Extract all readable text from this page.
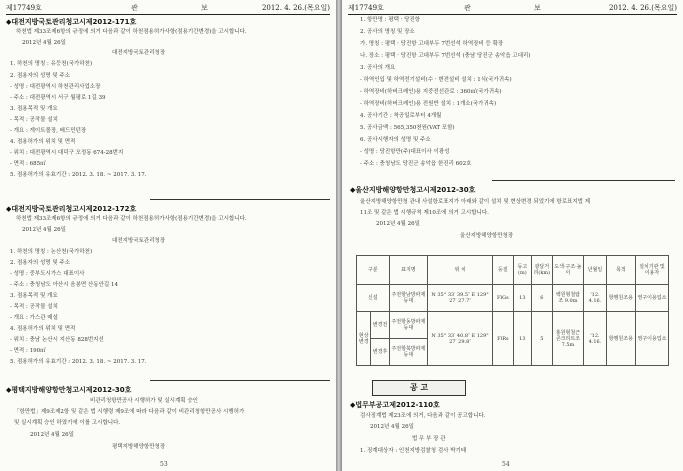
제17749호	관	보	2012. 4. 26.(목요일)
◆대전지방국토관리청고시제2012-171호
하천법 제33조제6항의 규정에 의거 다음과 같이 하천점용허가사항(점용기간변경)을 고시합니다.
2012년 4월 26일
대전지방국토관리청장
1. 하천의 명칭 : 유등천(국가하천)
2. 점용자의 성명 및 주소
- 성명 : 대전광역시 하천관리사업소장
- 주소 : 대전광역시 서구 월평로 1길 39
3. 점용목적 및 개요
- 목적 : 공작물 설치
- 개요 : 게이트볼장, 배드민턴장
4. 점용허가의 위치 및 면적
- 위치 : 대전광역시 대덕구 오정동 674-28번지
- 면적 : 685㎡
5. 점용허가의 유효기간 : 2012. 3. 18. ~ 2017. 3. 17.
◆대전지방국토관리청고시제2012-172호
하천법 제33조제6항의 규정에 의거 다음과 같이 하천점용허가사항(점용기간변경)을 고시합니다.
2012년 4월 26일
대전지방국토관리청장
1. 하천의 명칭 : 논산천(국가하천)
2. 점용자의 성명 및 주소
- 성명 : 중부도시가스 대표이사
- 주소 : 충청남도 아산시 음봉면 산동안길 14
3. 점용목적 및 개요
- 목적 : 공작물 설치
- 개요 : 가스관 매설
4. 점용허가의 위치 및 면적
- 위치 : 충남 논산시 지산동 828번지선
- 면적 : 190㎡
5. 점용허가의 유효기간 : 2012. 3. 18. ~ 2017. 3. 17.
◆평택지방해양항만청고시제2012-30호
비관리청항만공사 시행허가 및 실시계획 승인
「항만법」제9조제2항 및 같은 법 시행령 제9조에 따라 다음과 같이 비관리청항만공사 시행허가
및 실시계획 승인 하였기에 이를 고시합니다.
2012년 4월 26일
평택지방해양항만청장
53
제17749호	관	보	2012. 4. 26.(목요일)
1. 항만명 : 평택 · 당진항
2. 공사의 명칭 및 장소
가. 명칭 : 평택 · 당진항 고대부두 7번선석 하역장비 등 확장
나. 장소 : 평택 · 당진항 고대부두 7번선석 (충남 당진군 송악읍 고대리)
3. 공사의 개요
- 하역인입 및 하역전기설비(수 · 변전설비 설치 : 1식(국가귀속)
- 하역장비(하버크레인)용 지중전선관로 : 360㎡(국가귀속)
- 하역장비(하버크레인)용 전원반 설치 : 1개소(국가귀속)
4. 공사기간 : 착공일로부터 4개월
5. 공사금액 : 565,350천원(VAT 포함)
6. 공사시행자의 성명 및 주소
- 성명 : 당진항만(주)대표이사 이광성
- 주소 : 충청남도 당진군 송악읍 한진리 602호
◆울산지방해양항만청고시제2012-30호
울산지방해양항만청 관내 사설항로표지가 아래와 같이 설치 및 현상변경 되었기에 항로표지법 제
11조 및 같은 법 시행규칙 제10조에 의거 고시합니다.
2012년 4월 26일
울산지방해양항만청장
구분		표지명	위 치	등질	등고(m)	광달거리(km)	도색·구조·높이	년월일	목적	설치기관 및 이용자
신설		주전항남방파제등대	N 35° 33′ 39.5″ E 129° 27′ 27.7″	FlGs	13	6	백원형철탑조 9.0m	'12. 4.16.	항행원조용	영구이용업소
현상변경	변경전	주전항동방파제등대	N 35° 33′ 40.8″ E 129° 27′ 29.8″	FlRs	13	5	홍원형철근콘크리트조 7.5m	'12. 4.16.	항행원조용	영구이용업소
	변경후	주전항북방파제등대								
공 고
◆법무부공고제2012-110호
검사징계법 제23조에 의거, 다음과 같이 공고합니다.
2012년 4월 26일
법 무 부 장 관
1. 징계대상자 : 인천지방검찰청 검사 박기태
54
